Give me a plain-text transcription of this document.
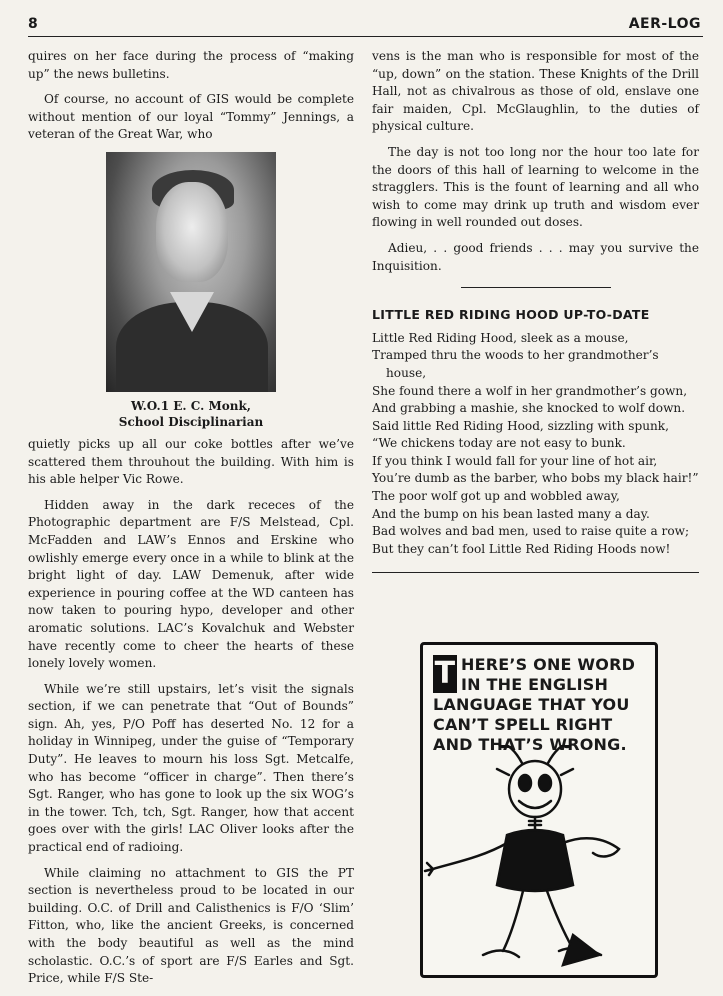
8	AER-LOG

quires on her face during the process of “making up” the news bulletins.

Of course, no account of GIS would be complete without mention of our loyal “Tommy” Jennings, a veteran of the Great War, who

W.O.1 E. C. Monk,
School Disciplinarian

quietly picks up all our coke bottles after we’ve scattered them throuhout the building. With him is his able helper Vic Rowe.

Hidden away in the dark receces of the Photographic department are F/S Melstead, Cpl. McFadden and LAW’s Ennos and Erskine who owlishly emerge every once in a while to blink at the bright light of day. LAW Demenuk, after wide experience in pouring coffee at the WD canteen has now taken to pouring hypo, developer and other aromatic solutions. LAC’s Kovalchuk and Webster have recently come to cheer the hearts of these lonely lovely women.

While we’re still upstairs, let’s visit the signals section, if we can penetrate that “Out of Bounds” sign. Ah, yes, P/O Poff has deserted No. 12 for a holiday in Winnipeg, under the guise of “Temporary Duty”. He leaves to mourn his loss Sgt. Metcalfe, who has become “officer in charge”. Then there’s Sgt. Ranger, who has gone to look up the six WOG’s in the tower. Tch, tch, Sgt. Ranger, how that accent goes over with the girls! LAC Oliver looks after the practical end of radioing.

While claiming no attachment to GIS the PT section is nevertheless proud to be located in our building. O.C. of Drill and Calisthenics is F/O ‘Slim’ Fitton, who, like the ancient Greeks, is concerned with the body beautiful as well as the mind scholastic. O.C.’s of sport are F/S Earles and Sgt. Price, while F/S Ste-

vens is the man who is responsible for most of the “up, down” on the station. These Knights of the Drill Hall, not as chivalrous as those of old, enslave one fair maiden, Cpl. McGlaughlin, to the duties of physical culture.

The day is not too long nor the hour too late for the doors of this hall of learning to welcome in the stragglers. This is the fount of learning and all who wish to come may drink up truth and wisdom ever flowing in well rounded out doses.

Adieu, . . good friends . . . may you survive the Inquisition.

LITTLE RED RIDING HOOD UP-TO-DATE
Little Red Riding Hood, sleek as a mouse,
Tramped thru the woods to her grandmother’s house,
She found there a wolf in her grandmother’s gown,
And grabbing a mashie, she knocked to wolf down.
Said little Red Riding Hood, sizzling with spunk,
“We chickens today are not easy to bunk.
If you think I would fall for your line of hot air,
You’re dumb as the barber, who bobs my black hair!”
The poor wolf got up and wobbled away,
And the bump on his bean lasted many a day.
Bad wolves and bad men, used to raise quite a row;
But they can’t fool Little Red Riding Hoods now!
T HERE’S ONE WORD IN THE ENGLISH LANGUAGE THAT YOU CAN’T SPELL RIGHT AND THAT’S WRONG.
